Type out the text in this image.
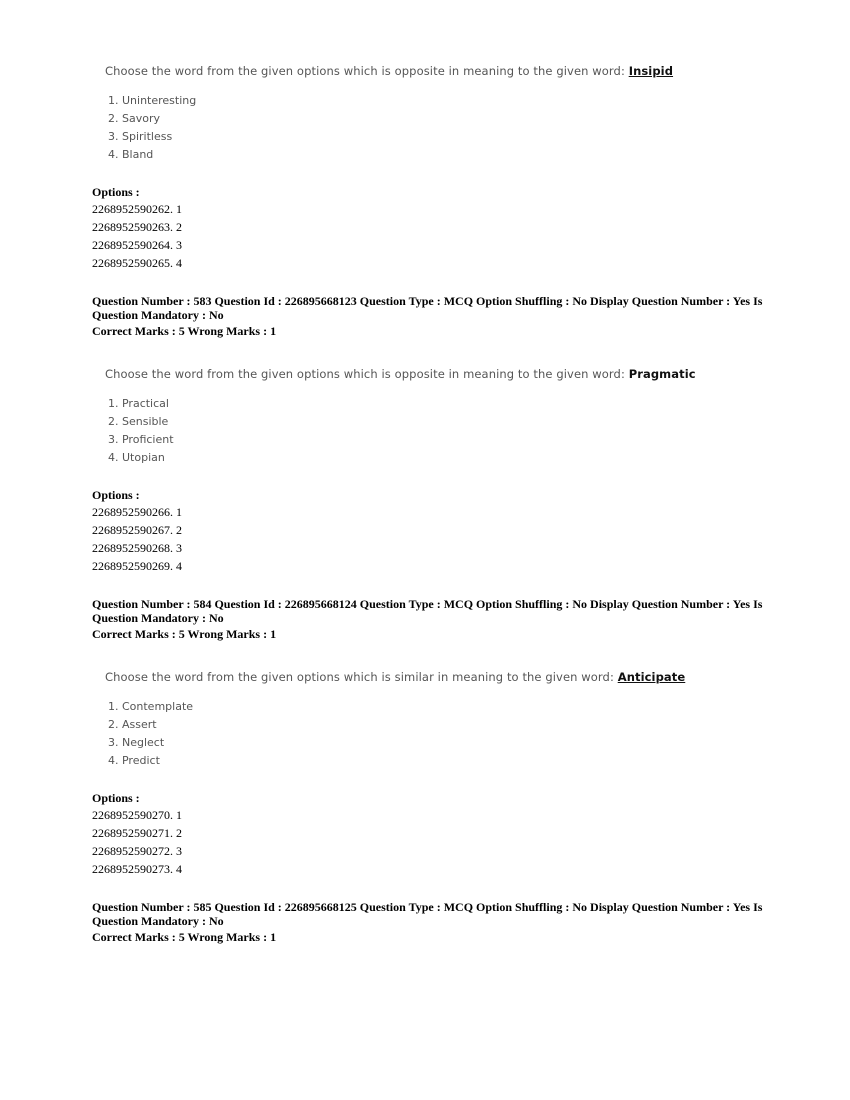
Choose the word from the given options which is opposite in meaning to the given word: Insipid
1. Uninteresting
2. Savory
3. Spiritless
4. Bland
Options :
2268952590262. 1
2268952590263. 2
2268952590264. 3
2268952590265. 4
Question Number : 583 Question Id : 226895668123 Question Type : MCQ Option Shuffling : No Display Question Number : Yes Is Question Mandatory : No
Correct Marks : 5 Wrong Marks : 1
Choose the word from the given options which is opposite in meaning to the given word: Pragmatic
1. Practical
2. Sensible
3. Proficient
4. Utopian
Options :
2268952590266. 1
2268952590267. 2
2268952590268. 3
2268952590269. 4
Question Number : 584 Question Id : 226895668124 Question Type : MCQ Option Shuffling : No Display Question Number : Yes Is Question Mandatory : No
Correct Marks : 5 Wrong Marks : 1
Choose the word from the given options which is similar in meaning to the given word: Anticipate
1. Contemplate
2. Assert
3. Neglect
4. Predict
Options :
2268952590270. 1
2268952590271. 2
2268952590272. 3
2268952590273. 4
Question Number : 585 Question Id : 226895668125 Question Type : MCQ Option Shuffling : No Display Question Number : Yes Is Question Mandatory : No
Correct Marks : 5 Wrong Marks : 1
